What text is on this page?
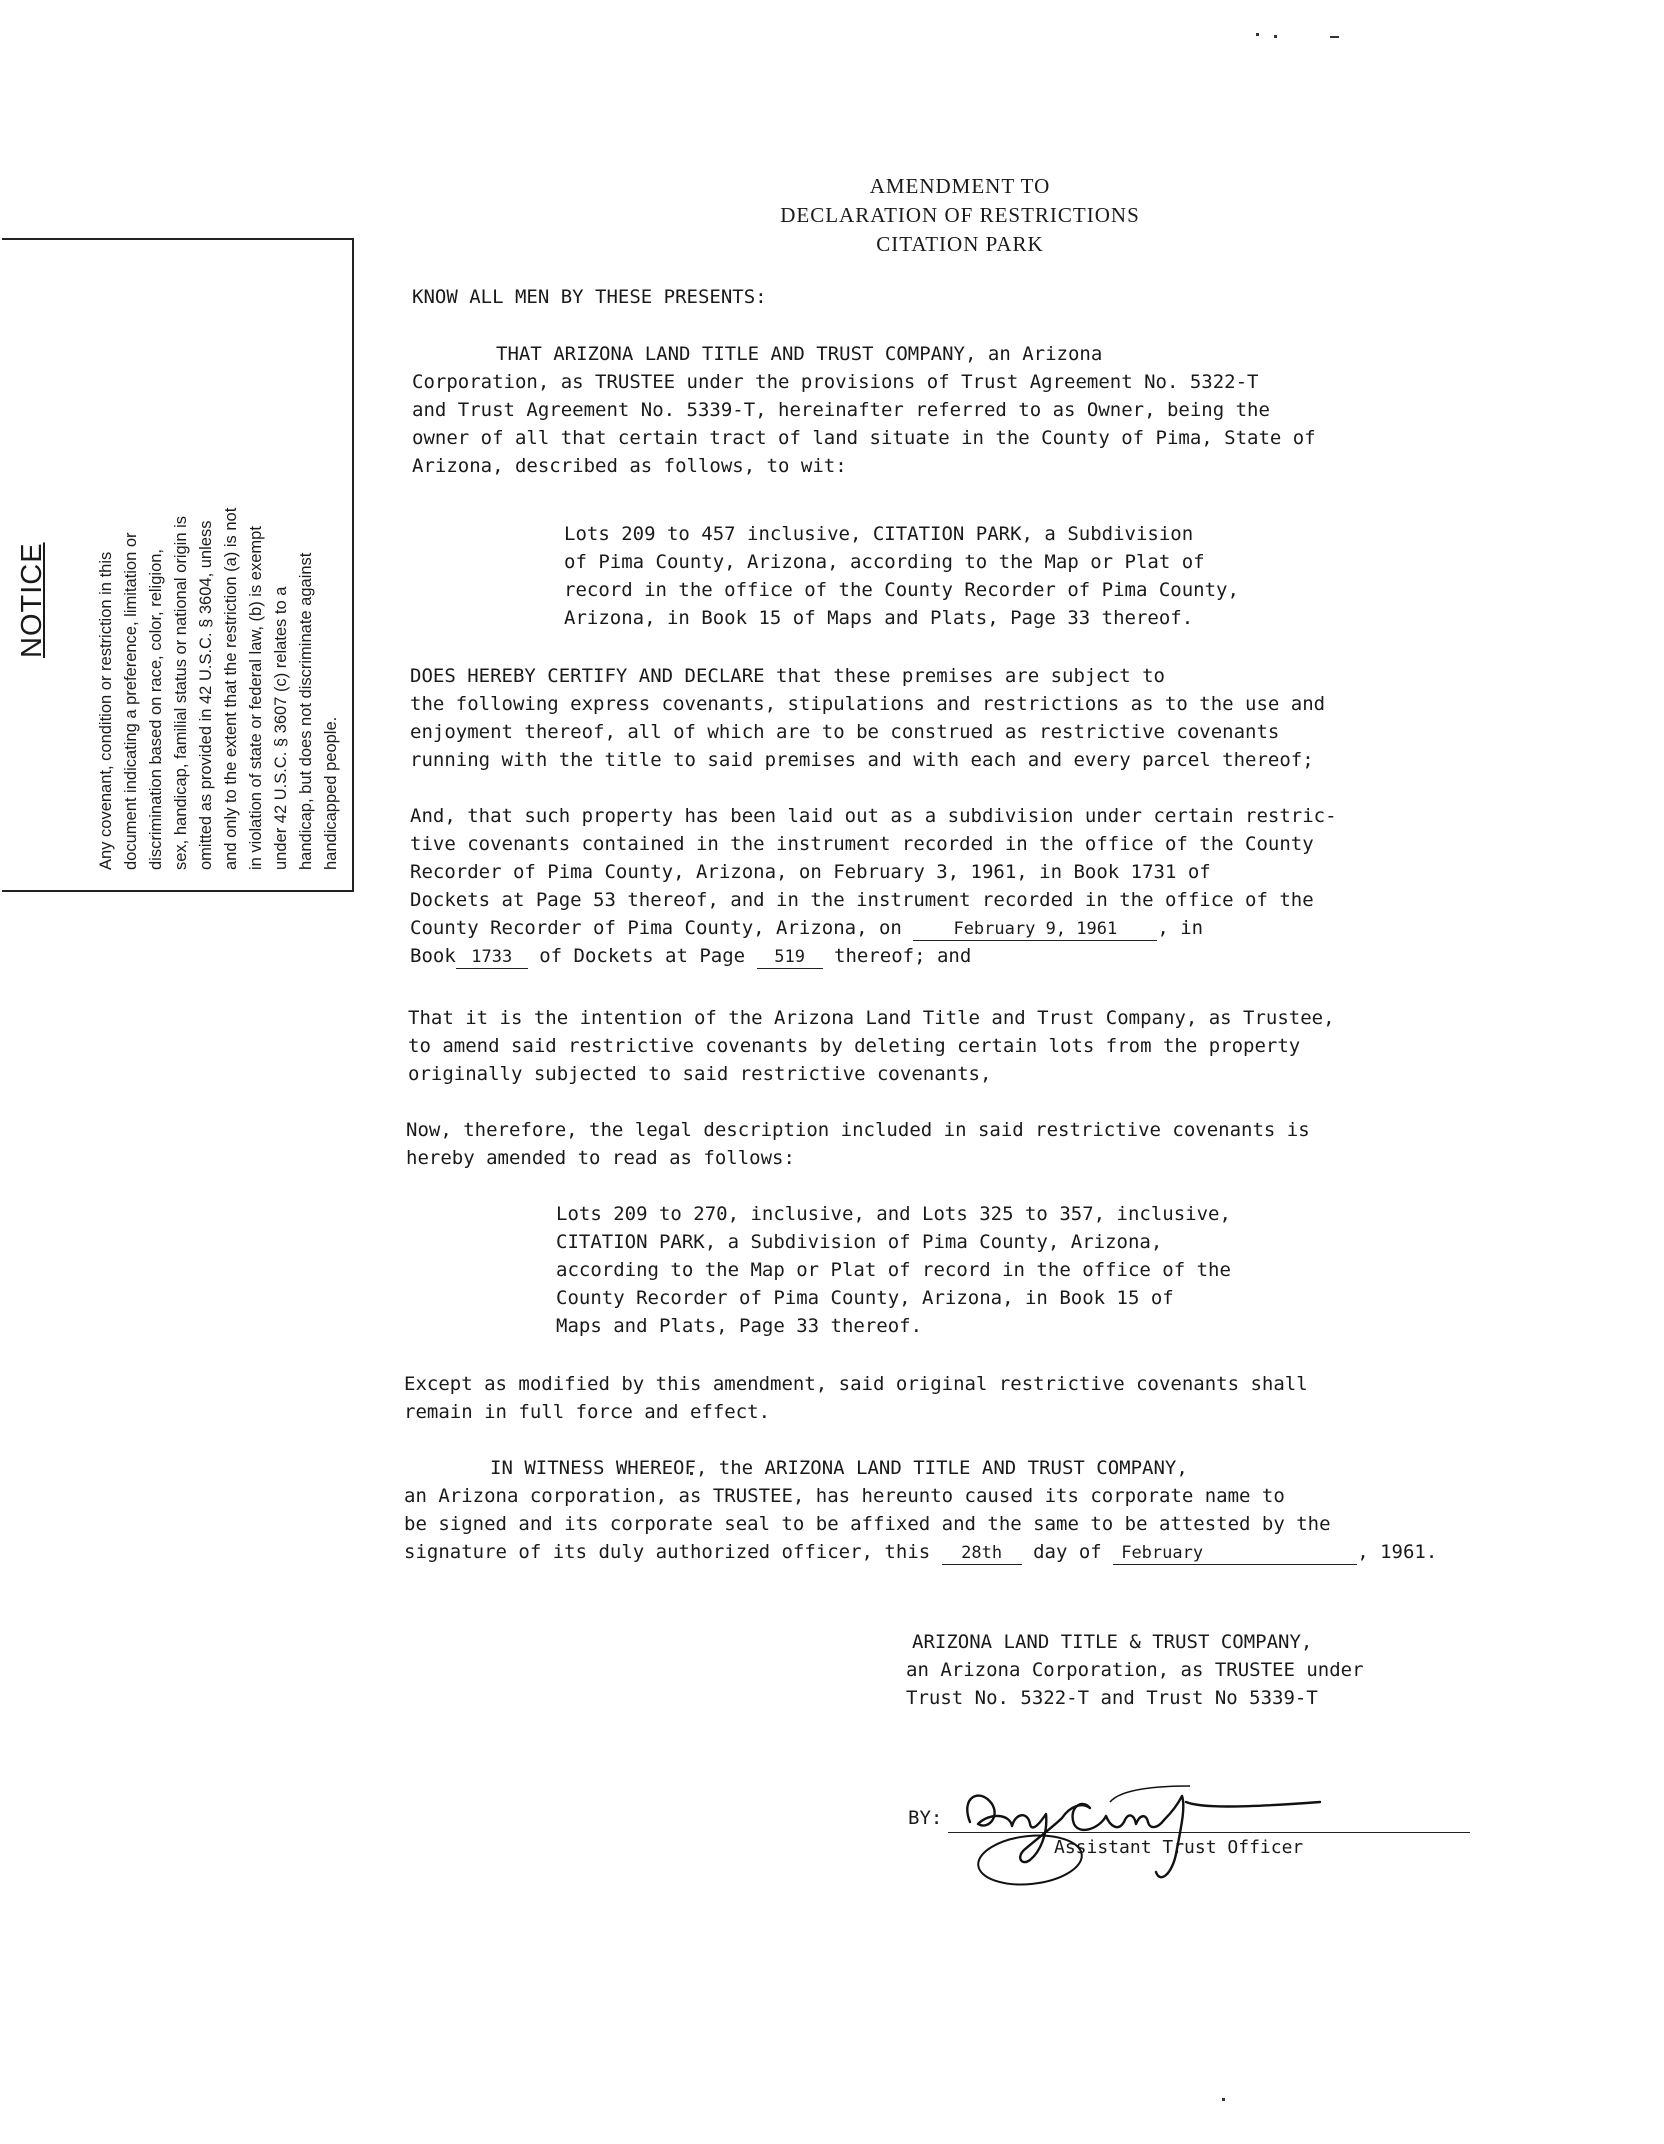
AMENDMENT TO
DECLARATION OF RESTRICTIONS
CITATION PARK
NOTICE	Any covenant, condition or restriction in this document indicating a preference, limitation or discrimination based on race, color, religion, sex, handicap, familial status or national origin is omitted as provided in 42 U.S.C. § 3604, unless and only to the extent that the restriction (a) is not in violation of state or federal law, (b) is exempt under 42 U.S.C. § 3607 (c) relates to a handicap, but does not discriminate against handicapped people.
KNOW ALL MEN BY THESE PRESENTS:
THAT ARIZONA LAND TITLE AND TRUST COMPANY, an Arizona
Corporation, as TRUSTEE under the provisions of Trust Agreement No. 5322-T
and Trust Agreement No. 5339-T, hereinafter referred to as Owner, being the
owner of all that certain tract of land situate in the County of Pima, State of
Arizona, described as follows, to wit:
Lots 209 to 457 inclusive, CITATION PARK, a Subdivision
of Pima County, Arizona, according to the Map or Plat of
record in the office of the County Recorder of Pima County,
Arizona, in Book 15 of Maps and Plats, Page 33 thereof.
DOES HEREBY CERTIFY AND DECLARE that these premises are subject to
the following express covenants, stipulations and restrictions as to the use and
enjoyment thereof, all of which are to be construed as restrictive covenants
running with the title to said premises and with each and every parcel thereof;
And, that such property has been laid out as a subdivision under certain restric-
tive covenants contained in the instrument recorded in the office of the County
Recorder of Pima County, Arizona, on February 3, 1961, in Book 1731 of
Dockets at Page 53 thereof, and in the instrument recorded in the office of the
County Recorder of Pima County, Arizona, on	February 9, 1961 , in
Book 1733 of Dockets at Page 519 thereof; and
That it is the intention of the Arizona Land Title and Trust Company, as Trustee,
to amend said restrictive covenants by deleting certain lots from the property
originally subjected to said restrictive covenants,
Now, therefore, the legal description included in said restrictive covenants is
hereby amended to read as follows:
Lots 209 to 270, inclusive, and Lots 325 to 357, inclusive,
CITATION PARK, a Subdivision of Pima County, Arizona,
according to the Map or Plat of record in the office of the
County Recorder of Pima County, Arizona, in Book 15 of
Maps and Plats, Page 33 thereof.
Except as modified by this amendment, said original restrictive covenants shall
remain in full force and effect.
IN WITNESS WHEREOF, the ARIZONA LAND TITLE AND TRUST COMPANY,
an Arizona corporation, as TRUSTEE, has hereunto caused its corporate name to
be signed and its corporate seal to be affixed and the same to be attested by the
signature of its duly authorized officer, this 28th day of February	, 1961.
ARIZONA LAND TITLE & TRUST COMPANY,
an Arizona Corporation, as TRUSTEE under
Trust No. 5322-T and Trust No 5339-T
BY:
Assistant Trust Officer
